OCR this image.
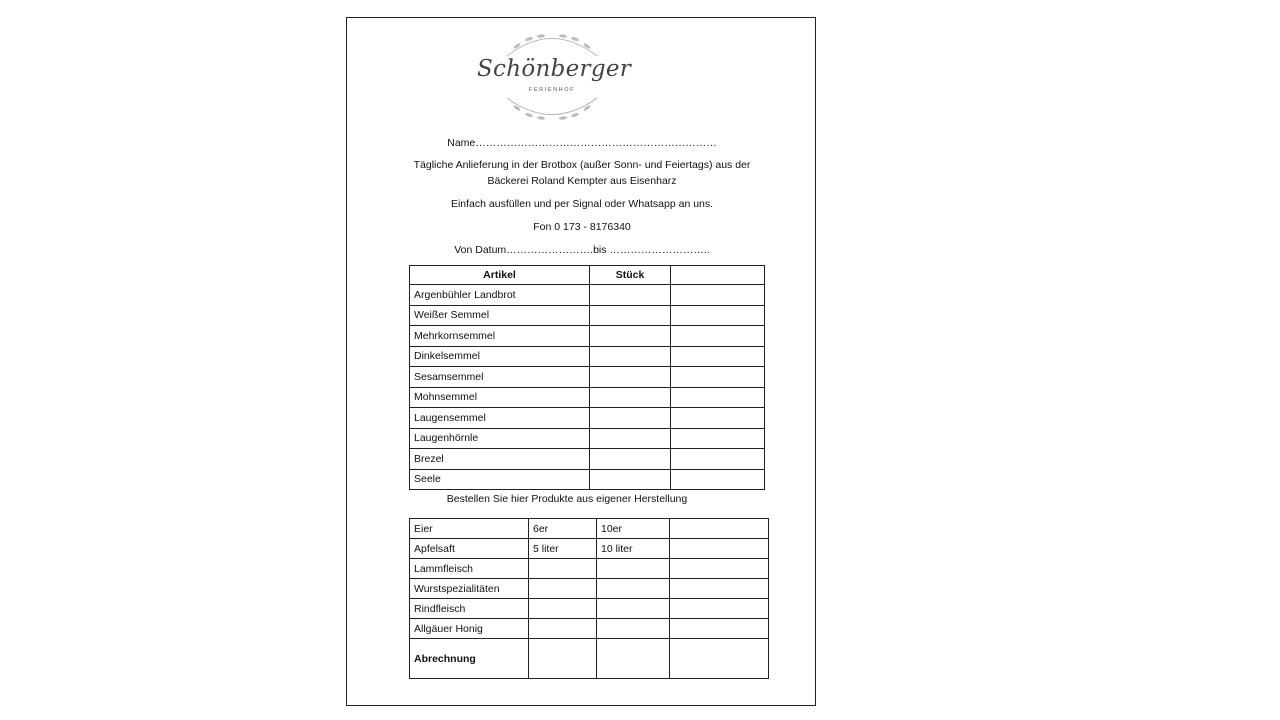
Schönberger
FERIENHOF
Name……………………………………………………………
Tägliche Anlieferung in der Brotbox (außer Sonn- und Feiertags) aus der
Bäckerei Roland Kempter aus Eisenharz
Einfach ausfüllen und per Signal oder Whatsapp an uns.
Fon 0 173 - 8176340
Von Datum…………………….bis ………………………..
Artikel	Stück	
Argenbühler Landbrot		
Weißer Semmel		
Mehrkornsemmel		
Dinkelsemmel		
Sesamsemmel		
Mohnsemmel		
Laugensemmel		
Laugenhörnle		
Brezel		
Seele		
Bestellen Sie hier Produkte aus eigener Herstellung
Eier	6er	10er	
Apfelsaft	5 liter	10 liter	
Lammfleisch			
Wurstspezialitäten			
Rindfleisch			
Allgäuer Honig			
Abrechnung			
